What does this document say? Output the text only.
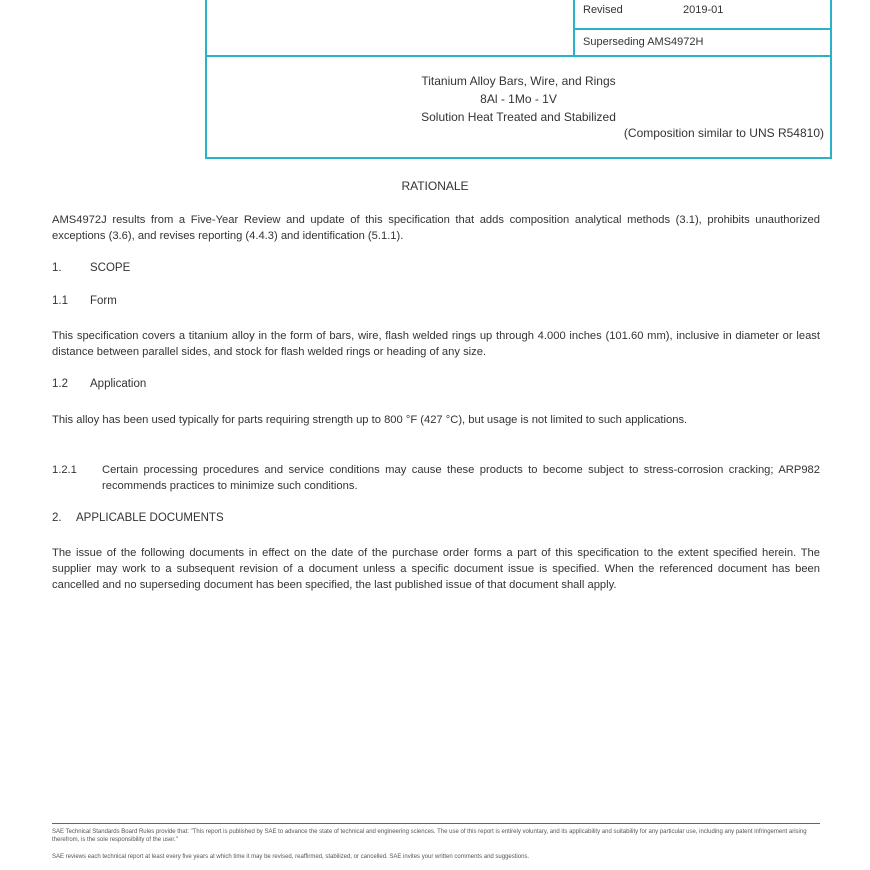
Revised	2019-01
Superseding AMS4972H
Titanium Alloy Bars, Wire, and Rings
8Al - 1Mo - 1V
Solution Heat Treated and Stabilized
(Composition similar to UNS R54810)
RATIONALE
AMS4972J results from a Five-Year Review and update of this specification that adds composition analytical methods (3.1), prohibits unauthorized exceptions (3.6), and revises reporting (4.4.3) and identification (5.1.1).
1. SCOPE
1.1 Form
This specification covers a titanium alloy in the form of bars, wire, flash welded rings up through 4.000 inches (101.60 mm), inclusive in diameter or least distance between parallel sides, and stock for flash welded rings or heading of any size.
1.2 Application
This alloy has been used typically for parts requiring strength up to 800 °F (427 °C), but usage is not limited to such applications.
1.2.1 Certain processing procedures and service conditions may cause these products to become subject to stress-corrosion cracking; ARP982 recommends practices to minimize such conditions.
2. APPLICABLE DOCUMENTS
The issue of the following documents in effect on the date of the purchase order forms a part of this specification to the extent specified herein. The supplier may work to a subsequent revision of a document unless a specific document issue is specified. When the referenced document has been cancelled and no superseding document has been specified, the last published issue of that document shall apply.
SAE Technical Standards Board Rules provide that: "This report is published by SAE to advance the state of technical and engineering sciences. The use of this report is entirely voluntary, and its applicability and suitability for any particular use, including any patent infringement arising therefrom, is the sole responsibility of the user."
SAE reviews each technical report at least every five years at which time it may be revised, reaffirmed, stabilized, or cancelled. SAE invites your written comments and suggestions.
